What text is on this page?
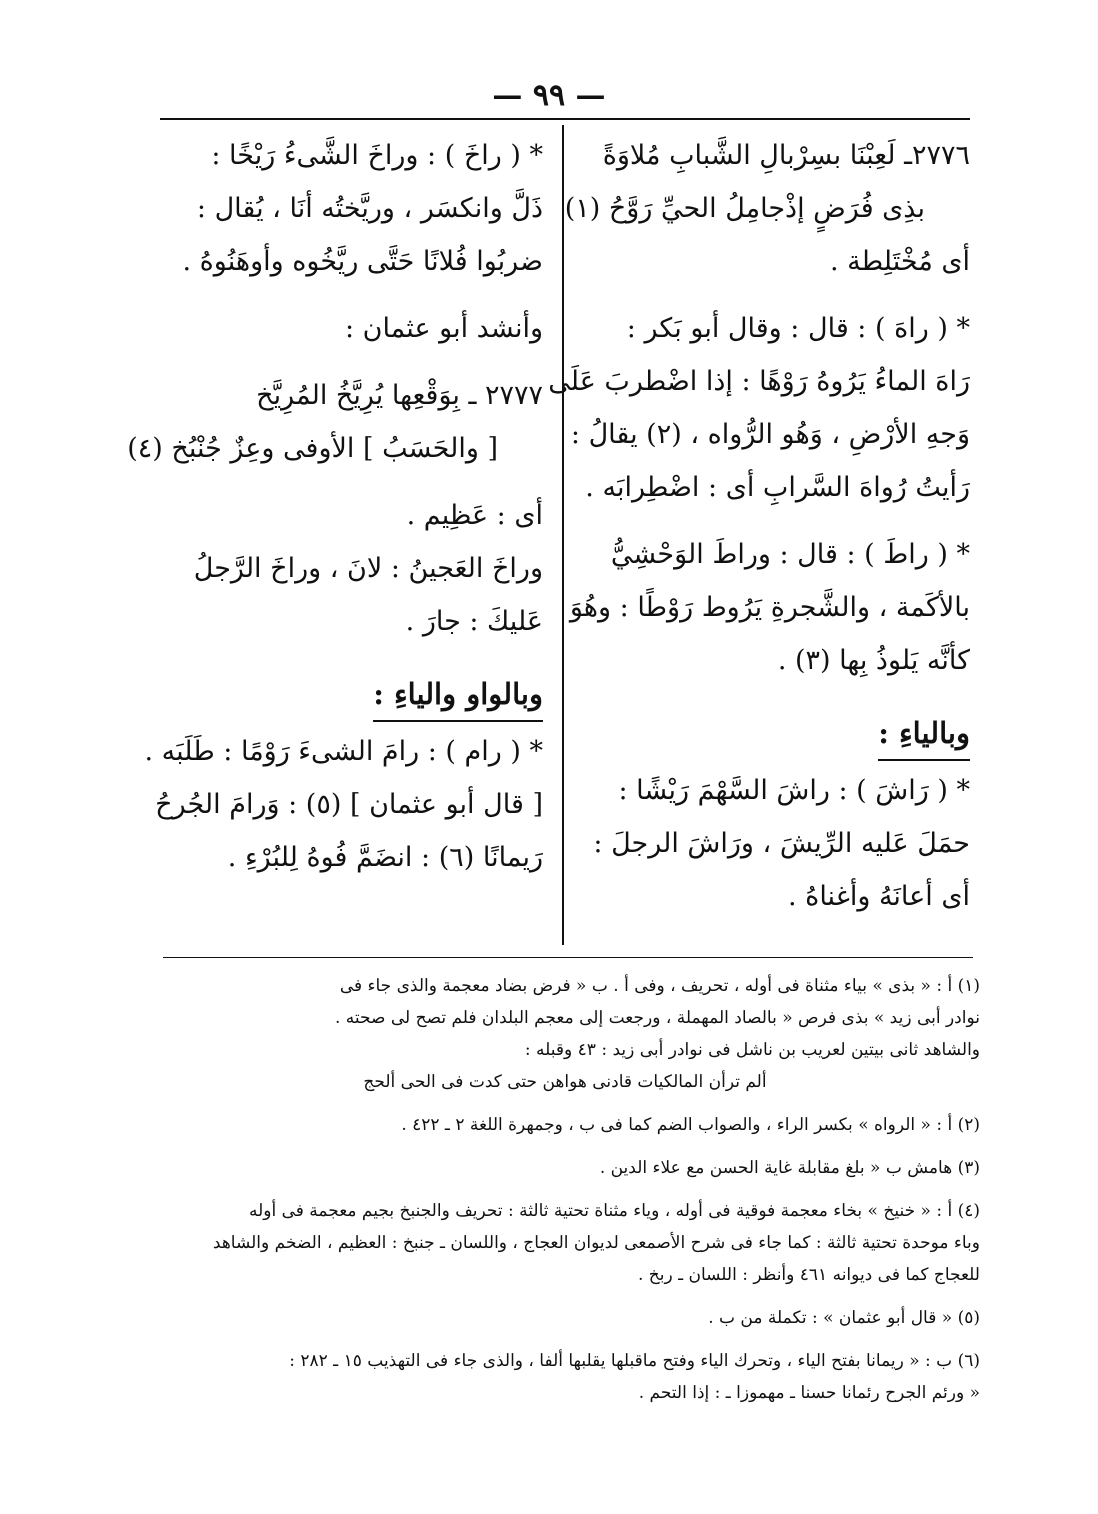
— ٩٩ —
٢٧٧٦ـ لَعِبْنَا بسِرْبالِ الشَّبابِ مُلاوَةً
بذِى فُرَضٍ إذْجامِلُ الحيِّ رَوَّحُ (١)
أى مُخْتَلِطة .
* ( راهَ ) : قال : وقال أبو بَكر :
رَاهَ الماءُ يَرُوهُ رَوْهًا : إذا اضْطربَ عَلَى
وَجهِ الأرْضِ ، وَهُو الرُّواه ، (٢) يقالُ :
رَأيتُ رُواهَ السَّرابِ أى : اضْطِرابَه .
* ( راطَ ) : قال : وراطَ الوَحْشِيُّ
بالأكَمة ، والشَّجرةِ يَرُوط رَوْطًا : وهُوَ
كأنَّه يَلوذُ بِها (٣) .
وبالياءِ :
* ( رَاشَ ) : راشَ السَّهْمَ رَيْشًا :
حمَلَ عَليه الرِّيشَ ، ورَاشَ الرجلَ :
أى أعانَهُ وأغناهُ .
* ( راخَ ) : وراخَ الشَّىءُ رَيْخًا :
ذَلَّ وانكسَر ، وريَّختُه أنَا ، يُقال :
ضربُوا فُلانًا حَتَّى ريَّخُوه وأوهَنُوهُ .
وأنشد أبو عثمان :
٢٧٧٧ ـ بِوَقْعِها يُرِيَّخُ المُرِيَّخ
[ والحَسَبُ ] الأوفى وعِزٌ جُنْبُخ (٤)
أى : عَظِيم .
وراخَ العَجينُ : لانَ ، وراخَ الرَّجلُ
عَليكَ : جارَ .
وبالواو والياءِ :
* ( رام ) : رامَ الشىءَ رَوْمًا : طَلَبَه .
[ قال أبو عثمان ] (٥) : وَرامَ الجُرحُ
رَيمانًا (٦) : انضَمَّ فُوهُ لِلبُرْءِ .
(١) أ : « بذى » بياء مثناة فى أوله ، تحريف ، وفى أ . ب « فرض بضاد معجمة والذى جاء فى
نوادر أبى زيد » بذى فرص « بالصاد المهملة ، ورجعت إلى معجم البلدان فلم تصح لى صحته .
والشاهد ثانى بيتين لعريب بن ناشل فى نوادر أبى زيد : ٤٣ وقبله :
ألم ترأن المالكيات قادنى هواهن حتى كدت فى الحى ألحج
(٢) أ : « الرواه » بكسر الراء ، والصواب الضم كما فى ب ، وجمهرة اللغة ٢ ـ ٤٢٢ .
(٣) هامش ب « بلغ مقابلة غاية الحسن مع علاء الدين .
(٤) أ : « خنيخ » بخاء معجمة فوقية فى أوله ، وياء مثناة تحتية ثالثة : تحريف والجنبخ بجيم معجمة فى أوله
وباء موحدة تحتية ثالثة : كما جاء فى شرح الأصمعى لديوان العجاج ، واللسان ـ جنبخ : العظيم ، الضخم والشاهد
للعجاج كما فى ديوانه ٤٦١ وأنظر : اللسان ـ ربخ .
(٥) « قال أبو عثمان » : تكملة من ب .
(٦) ب : « ريمانا بفتح الياء ، وتحرك الياء وفتح ماقبلها يقلبها ألفا ، والذى جاء فى التهذيب ١٥ ـ ٢٨٢ :
« ورئم الجرح رئمانا حسنا ـ مهموزا ـ : إذا التحم .
